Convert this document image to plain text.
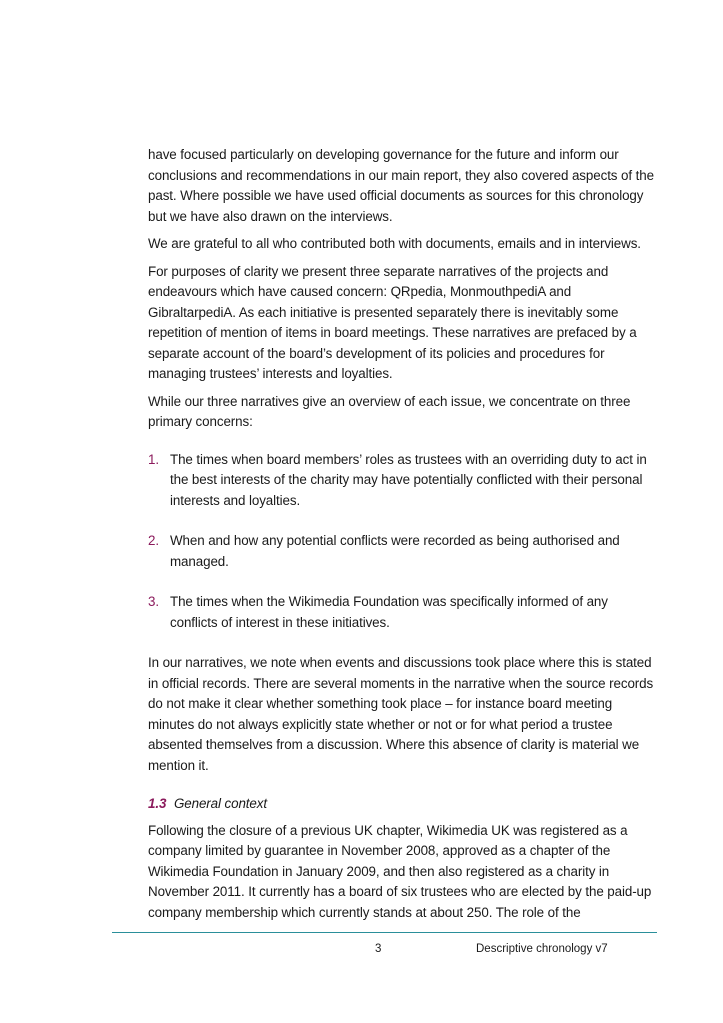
have focused particularly on developing governance for the future and inform our conclusions and recommendations in our main report, they also covered aspects of the past. Where possible we have used official documents as sources for this chronology but we have also drawn on the interviews.

We are grateful to all who contributed both with documents, emails and in interviews.

For purposes of clarity we present three separate narratives of the projects and endeavours which have caused concern: QRpedia, MonmouthpediA and GibraltarpediA. As each initiative is presented separately there is inevitably some repetition of mention of items in board meetings. These narratives are prefaced by a separate account of the board’s development of its policies and procedures for managing trustees’ interests and loyalties.

While our three narratives give an overview of each issue, we concentrate on three primary concerns:

1. The times when board members’ roles as trustees with an overriding duty to act in the best interests of the charity may have potentially conflicted with their personal interests and loyalties.
2. When and how any potential conflicts were recorded as being authorised and managed.
3. The times when the Wikimedia Foundation was specifically informed of any conflicts of interest in these initiatives.

In our narratives, we note when events and discussions took place where this is stated in official records. There are several moments in the narrative when the source records do not make it clear whether something took place – for instance board meeting minutes do not always explicitly state whether or not or for what period a trustee absented themselves from a discussion. Where this absence of clarity is material we mention it.

1.3 General context

Following the closure of a previous UK chapter, Wikimedia UK was registered as a company limited by guarantee in November 2008, approved as a chapter of the Wikimedia Foundation in January 2009, and then also registered as a charity in November 2011. It currently has a board of six trustees who are elected by the paid-up company membership which currently stands at about 250. The role of the

3	Descriptive chronology v7
